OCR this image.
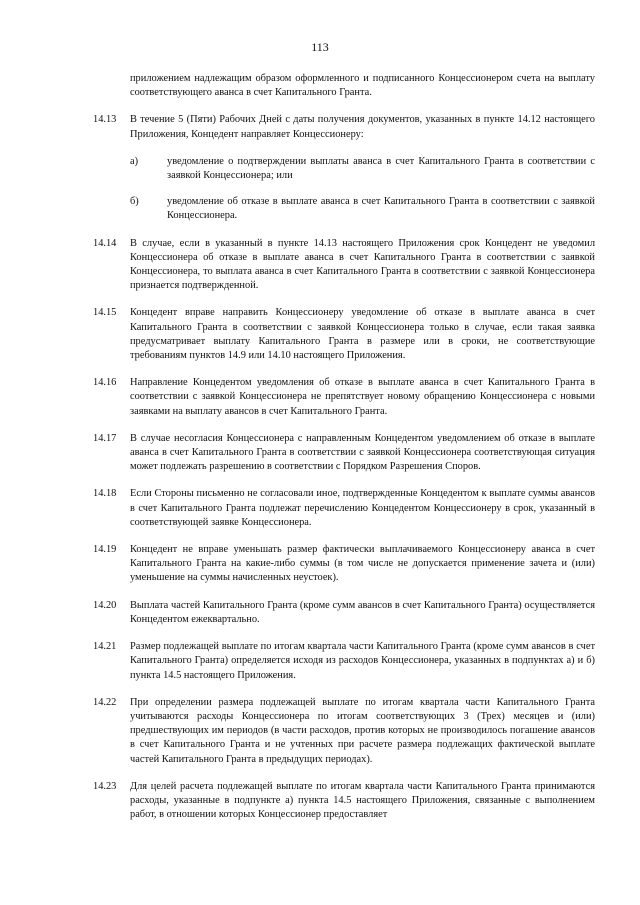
113

приложением надлежащим образом оформленного и подписанного Концессионером счета на выплату соответствующего аванса в счет Капитального Гранта.

14.13 В течение 5 (Пяти) Рабочих Дней с даты получения документов, указанных в пункте 14.12 настоящего Приложения, Концедент направляет Концессионеру:

а)	уведомление о подтверждении выплаты аванса в счет Капитального Гранта в соответствии с заявкой Концессионера; или

б)	уведомление об отказе в выплате аванса в счет Капитального Гранта в соответствии с заявкой Концессионера.

14.14 В случае, если в указанный в пункте 14.13 настоящего Приложения срок Концедент не уведомил Концессионера об отказе в выплате аванса в счет Капитального Гранта в соответствии с заявкой Концессионера, то выплата аванса в счет Капитального Гранта в соответствии с заявкой Концессионера признается подтвержденной.

14.15 Концедент вправе направить Концессионеру уведомление об отказе в выплате аванса в счет Капитального Гранта в соответствии с заявкой Концессионера только в случае, если такая заявка предусматривает выплату Капитального Гранта в размере или в сроки, не соответствующие требованиям пунктов 14.9 или 14.10 настоящего Приложения.

14.16 Направление Концедентом уведомления об отказе в выплате аванса в счет Капитального Гранта в соответствии с заявкой Концессионера не препятствует новому обращению Концессионера с новыми заявками на выплату авансов в счет Капитального Гранта.

14.17 В случае несогласия Концессионера с направленным Концедентом уведомлением об отказе в выплате аванса в счет Капитального Гранта в соответствии с заявкой Концессионера соответствующая ситуация может подлежать разрешению в соответствии с Порядком Разрешения Споров.

14.18 Если Стороны письменно не согласовали иное, подтвержденные Концедентом к выплате суммы авансов в счет Капитального Гранта подлежат перечислению Концедентом Концессионеру в срок, указанный в соответствующей заявке Концессионера.

14.19 Концедент не вправе уменьшать размер фактически выплачиваемого Концессионеру аванса в счет Капитального Гранта на какие-либо суммы (в том числе не допускается применение зачета и (или) уменьшение на суммы начисленных неустоек).

14.20 Выплата частей Капитального Гранта (кроме сумм авансов в счет Капитального Гранта) осуществляется Концедентом ежеквартально.

14.21 Размер подлежащей выплате по итогам квартала части Капитального Гранта (кроме сумм авансов в счет Капитального Гранта) определяется исходя из расходов Концессионера, указанных в подпунктах а) и б) пункта 14.5 настоящего Приложения.

14.22 При определении размера подлежащей выплате по итогам квартала части Капитального Гранта учитываются расходы Концессионера по итогам соответствующих 3 (Трех) месяцев и (или) предшествующих им периодов (в части расходов, против которых не производилось погашение авансов в счет Капитального Гранта и не учтенных при расчете размера подлежащих фактической выплате частей Капитального Гранта в предыдущих периодах).

14.23 Для целей расчета подлежащей выплате по итогам квартала части Капитального Гранта принимаются расходы, указанные в подпункте а) пункта 14.5 настоящего Приложения, связанные с выполнением работ, в отношении которых Концессионер предоставляет
